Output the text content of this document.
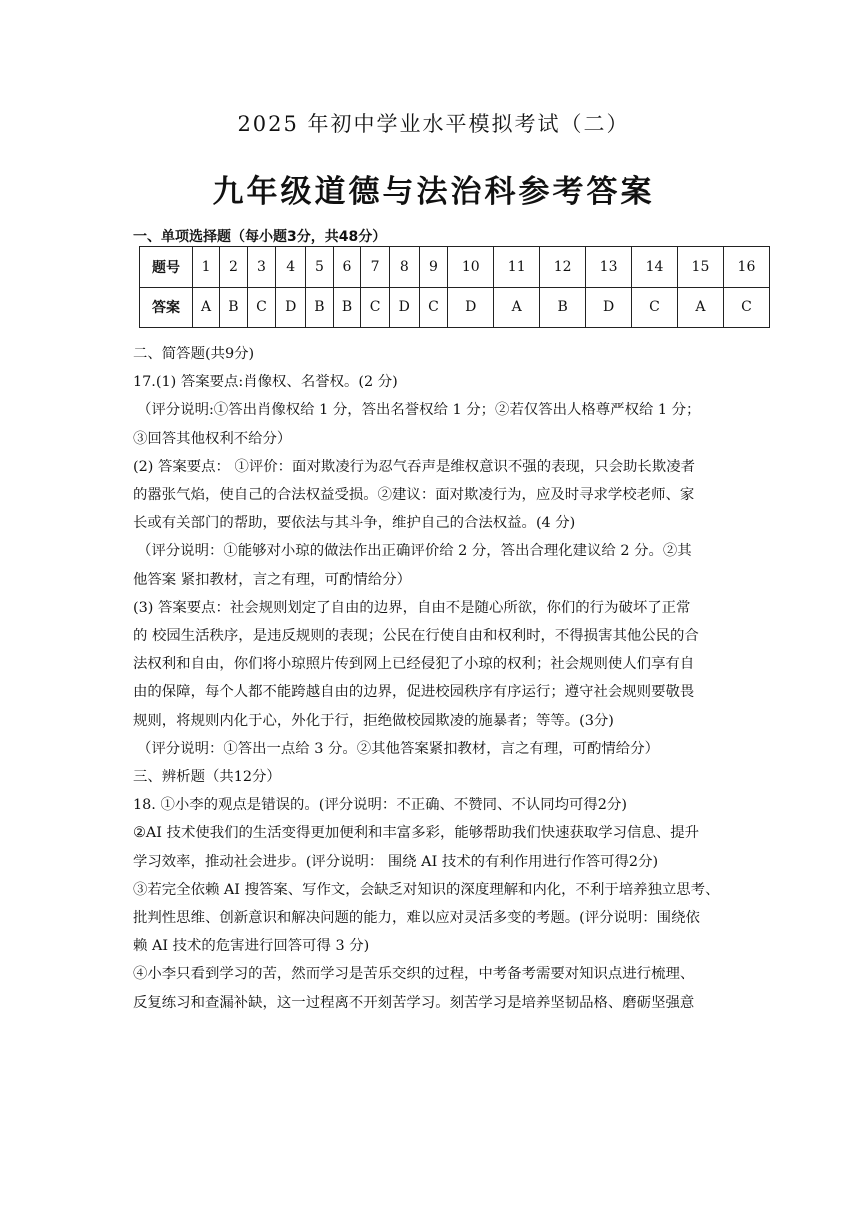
2025 年初中学业水平模拟考试（二）
九年级道德与法治科参考答案
一、单项选择题（每小题3分，共48分）
题号	1	2	3	4	5	6	7	8	9	10	11	12	13	14	15	16
答案	A	B	C	D	B	B	C	D	C	D	A	B	D	C	A	C

二、简答题(共9分)

17.(1) 答案要点:肖像权、名誉权。(2 分)

（评分说明:①答出肖像权给 1 分，答出名誉权给 1 分；②若仅答出人格尊严权给 1 分；

③回答其他权利不给分）

(2) 答案要点： ①评价：面对欺凌行为忍气吞声是维权意识不强的表现，只会助长欺凌者

的嚣张气焰，使自己的合法权益受损。②建议：面对欺凌行为，应及时寻求学校老师、家

长或有关部门的帮助，要依法与其斗争，维护自己的合法权益。(4 分)

（评分说明：①能够对小琼的做法作出正确评价给 2 分，答出合理化建议给 2 分。②其

他答案 紧扣教材，言之有理，可酌情给分）

(3) 答案要点：社会规则划定了自由的边界，自由不是随心所欲，你们的行为破坏了正常

的 校园生活秩序，是违反规则的表现；公民在行使自由和权利时，不得损害其他公民的合

法权利和自由，你们将小琼照片传到网上已经侵犯了小琼的权利；社会规则使人们享有自

由的保障，每个人都不能跨越自由的边界，促进校园秩序有序运行；遵守社会规则要敬畏

规则，将规则内化于心，外化于行，拒绝做校园欺凌的施暴者；等等。(3分)

（评分说明：①答出一点给 3 分。②其他答案紧扣教材，言之有理，可酌情给分）

三、辨析题（共12分）

18. ①小李的观点是错误的。(评分说明：不正确、不赞同、不认同均可得2分)

②AI 技术使我们的生活变得更加便利和丰富多彩，能够帮助我们快速获取学习信息、提升

学习效率，推动社会进步。(评分说明： 围绕 AI 技术的有利作用进行作答可得2分)

③若完全依赖 AI 搜答案、写作文，会缺乏对知识的深度理解和内化，不利于培养独立思考、

批判性思维、创新意识和解决问题的能力，难以应对灵活多变的考题。(评分说明：围绕依

赖 AI 技术的危害进行回答可得 3 分)

④小李只看到学习的苦，然而学习是苦乐交织的过程，中考备考需要对知识点进行梳理、

反复练习和查漏补缺，这一过程离不开刻苦学习。刻苦学习是培养坚韧品格、磨砺坚强意
